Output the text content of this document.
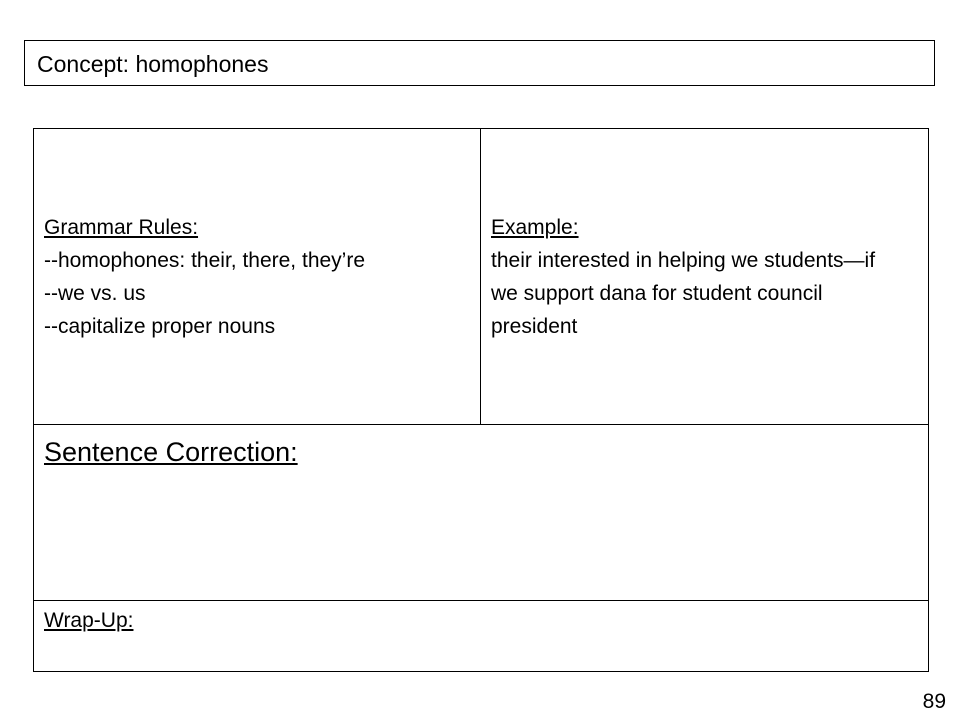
Concept: homophones
Grammar Rules:
--homophones: their, there, they’re
--we vs. us
--capitalize proper nouns
Example:
their interested in helping we students—if we support dana for student council president
Sentence Correction:
Wrap-Up:
89
